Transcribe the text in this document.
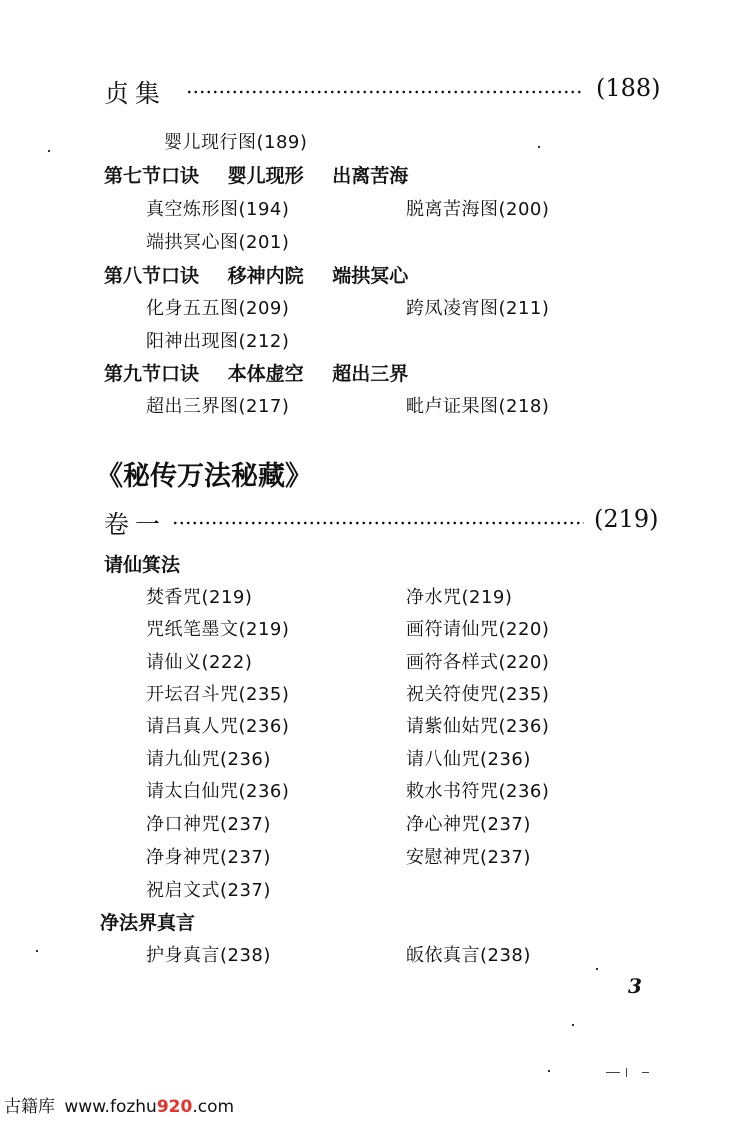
贞集	(188)
婴儿现行图(189)
第七节口诀 婴儿现形 出离苦海
真空炼形图(194)	脱离苦海图(200)
端拱冥心图(201)
第八节口诀 移神内院 端拱冥心
化身五五图(209)	跨凤凌宵图(211)
阳神出现图(212)
第九节口诀 本体虚空 超出三界
超出三界图(217)	毗卢证果图(218)
《秘传万法秘藏》
卷一	(219)
请仙箕法
焚香咒(219)	净水咒(219)
咒纸笔墨文(219)	画符请仙咒(220)
请仙义(222)	画符各样式(220)
开坛召斗咒(235)	祝关符使咒(235)
请吕真人咒(236)	请紫仙姑咒(236)
请九仙咒(236)	请八仙咒(236)
请太白仙咒(236)	敕水书符咒(236)
净口神咒(237)	净心神咒(237)
净身神咒(237)	安慰神咒(237)
祝启文式(237)
净法界真言
护身真言(238)	皈依真言(238)
3
古籍库 www.fozhu920.com
